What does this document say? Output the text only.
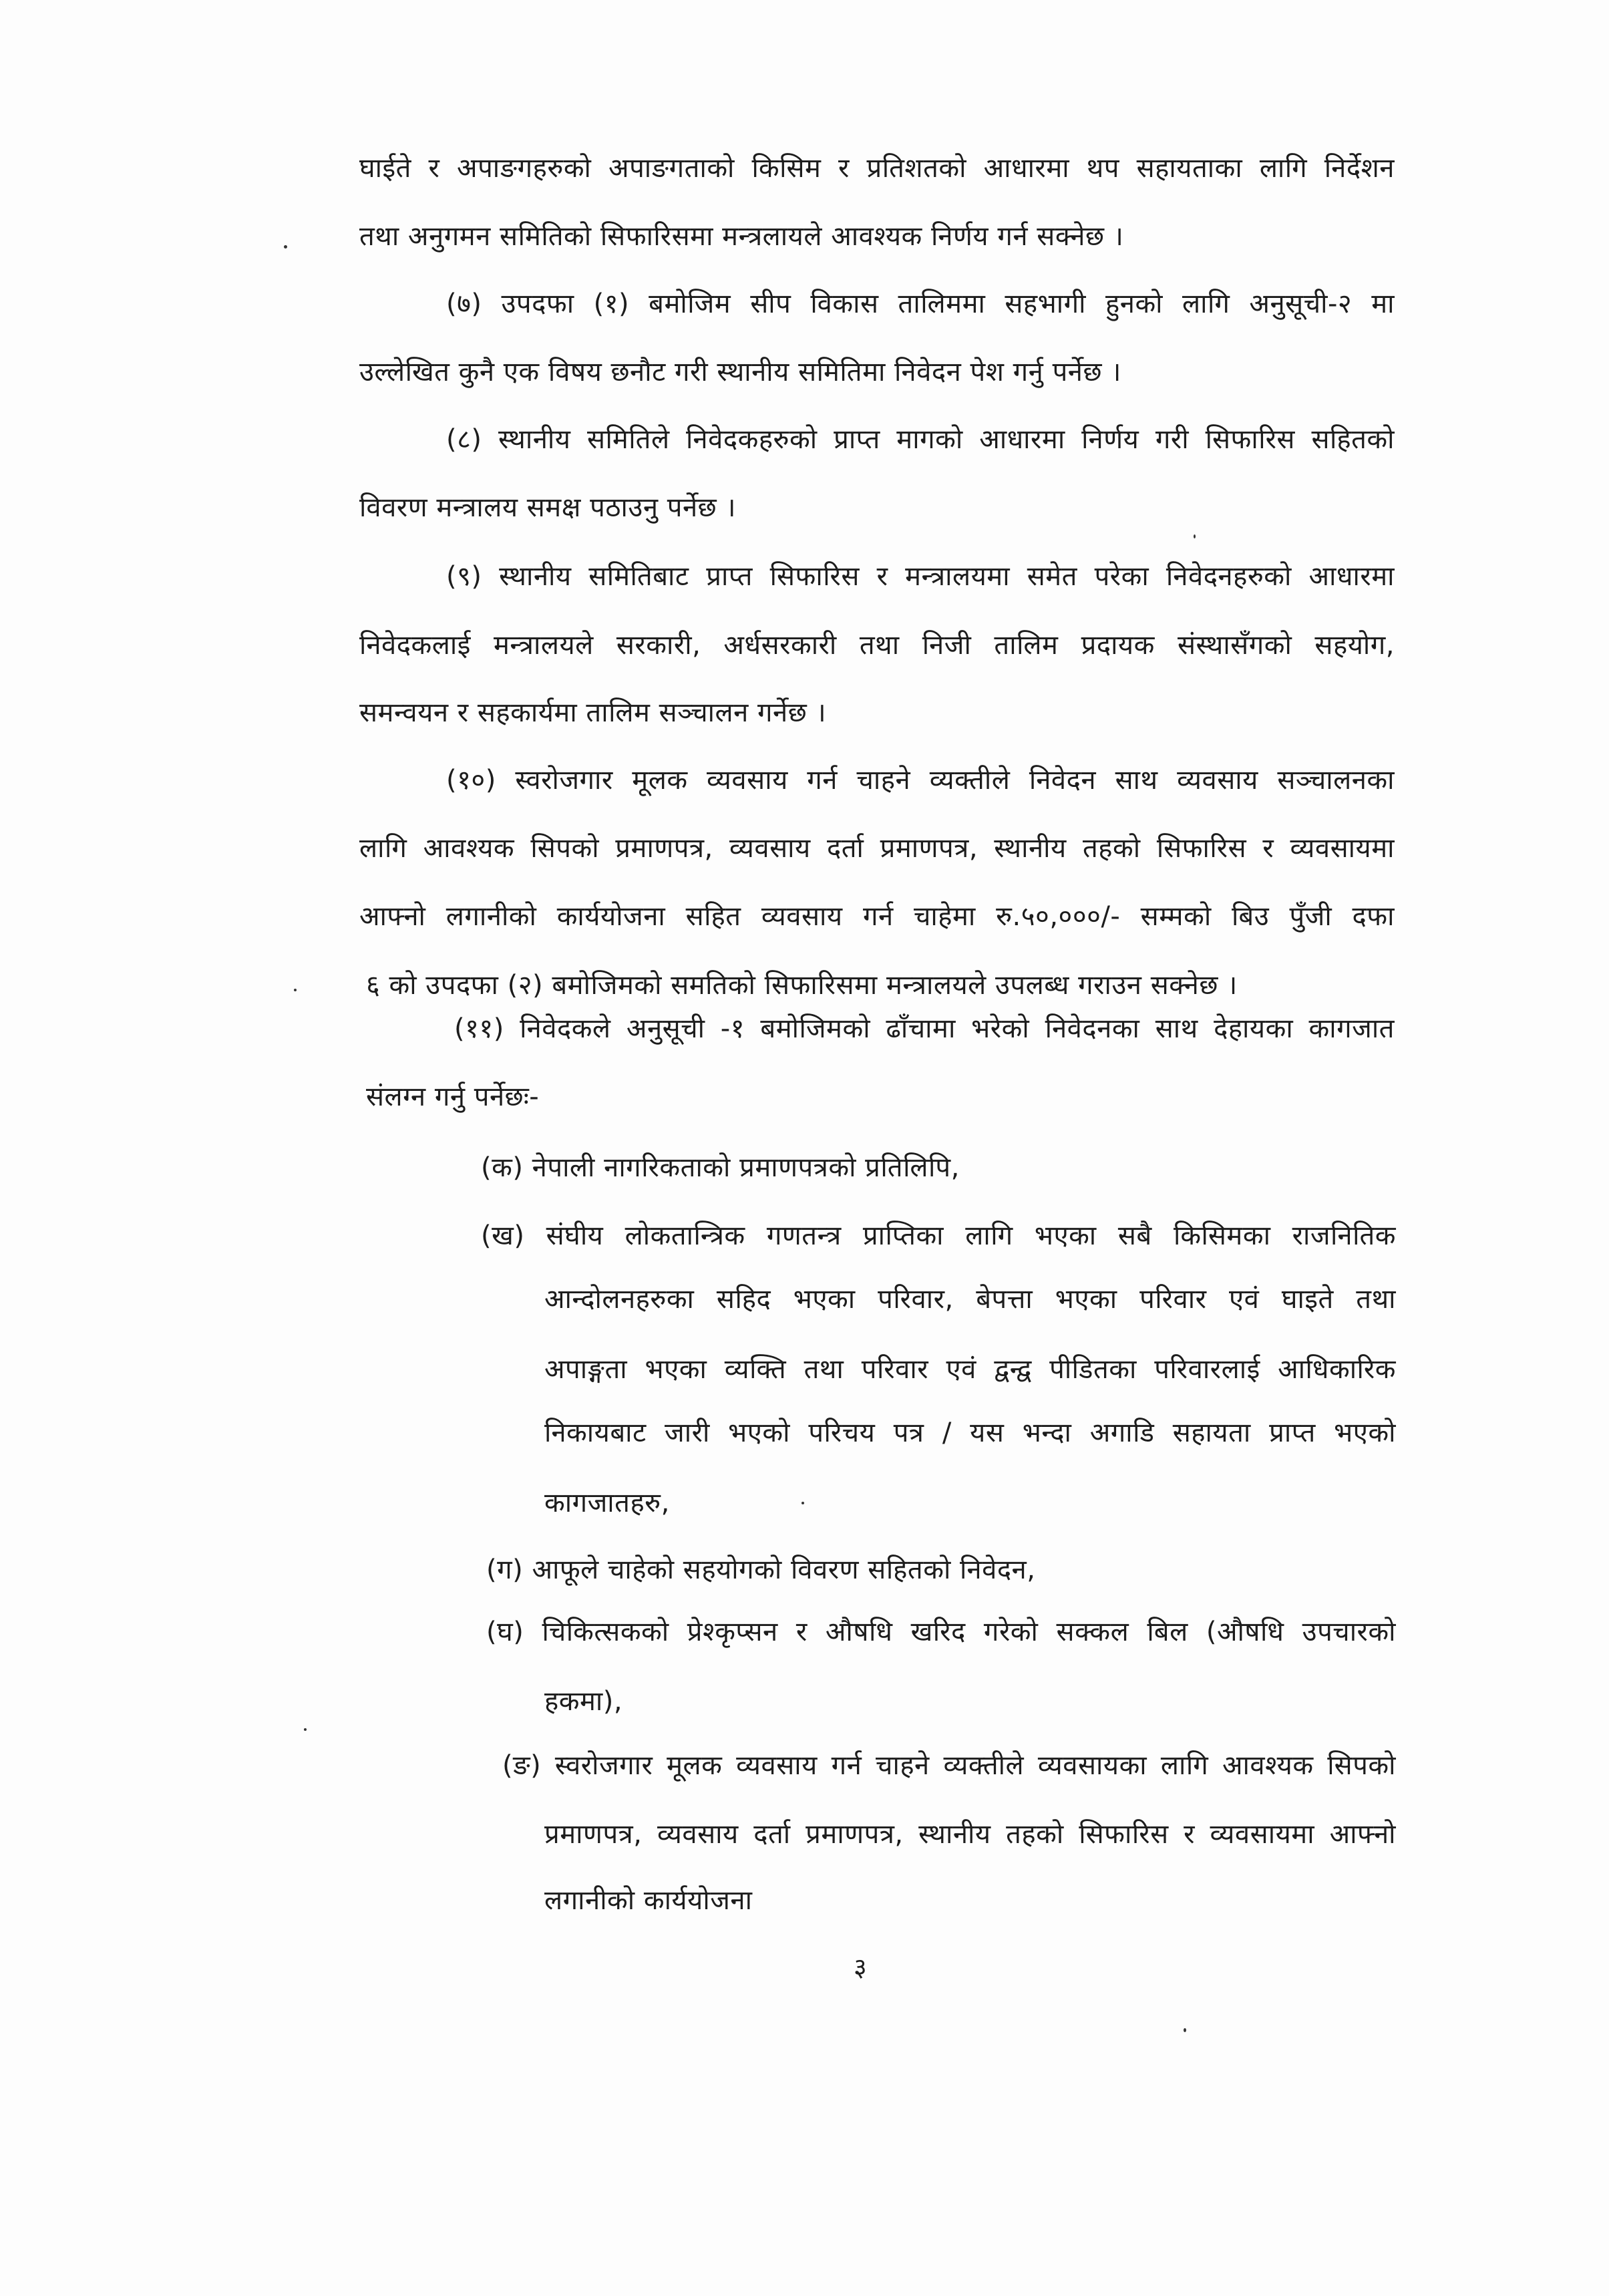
घाईते र अपाङगहरुको अपाङगताको किसिम र प्रतिशतको आधारमा थप सहायताका लागि निर्देशन
तथा अनुगमन समितिको सिफारिसमा मन्त्रलायले आवश्यक निर्णय गर्न सक्नेछ ।
(७) उपदफा (१) बमोजिम सीप विकास तालिममा सहभागी हुनको लागि अनुसूची-२ मा
उल्लेखित कुनै एक विषय छनौट गरी स्थानीय समितिमा निवेदन पेश गर्नु पर्नेछ ।
(८) स्थानीय समितिले निवेदकहरुको प्राप्त मागको आधारमा निर्णय गरी सिफारिस सहितको
विवरण मन्त्रालय समक्ष पठाउनु पर्नेछ ।
(९) स्थानीय समितिबाट प्राप्त सिफारिस र मन्त्रालयमा समेत परेका निवेदनहरुको आधारमा
निवेदकलाई मन्त्रालयले सरकारी, अर्धसरकारी तथा निजी तालिम प्रदायक संस्थासँगको सहयोग,
समन्वयन र सहकार्यमा तालिम सञ्चालन गर्नेछ ।
(१०) स्वरोजगार मूलक व्यवसाय गर्न चाहने व्यक्तीले निवेदन साथ व्यवसाय सञ्चालनका
लागि आवश्यक सिपको प्रमाणपत्र, व्यवसाय दर्ता प्रमाणपत्र, स्थानीय तहको सिफारिस र व्यवसायमा
आफ्नो लगानीको कार्ययोजना सहित व्यवसाय गर्न चाहेमा रु.५०,०००/- सम्मको बिउ पुँजी दफा
६ को उपदफा (२) बमोजिमको समतिको सिफारिसमा मन्त्रालयले उपलब्ध गराउन सक्नेछ ।
(११) निवेदकले अनुसूची -१ बमोजिमको ढाँचामा भरेको निवेदनका साथ देहायका कागजात
संलग्न गर्नु पर्नेछः-
(क) नेपाली नागरिकताको प्रमाणपत्रको प्रतिलिपि,
(ख) संघीय लोकतान्त्रिक गणतन्त्र प्राप्तिका लागि भएका सबै किसिमका राजनितिक
आन्दोलनहरुका सहिद भएका परिवार, बेपत्ता भएका परिवार एवं घाइते तथा
अपाङ्गता भएका व्यक्ति तथा परिवार एवं द्वन्द्व पीडितका परिवारलाई आधिकारिक
निकायबाट जारी भएको परिचय पत्र / यस भन्दा अगाडि सहायता प्राप्त भएको
कागजातहरु,
(ग) आफूले चाहेको सहयोगको विवरण सहितको निवेदन,
(घ) चिकित्सकको प्रेश्कृप्सन र औषधि खरिद गरेको सक्कल बिल (औषधि उपचारको
हकमा),
(ङ) स्वरोजगार मूलक व्यवसाय गर्न चाहने व्यक्तीले व्यवसायका लागि आवश्यक सिपको
प्रमाणपत्र, व्यवसाय दर्ता प्रमाणपत्र, स्थानीय तहको सिफारिस र व्यवसायमा आफ्नो
लगानीको कार्ययोजना
३
